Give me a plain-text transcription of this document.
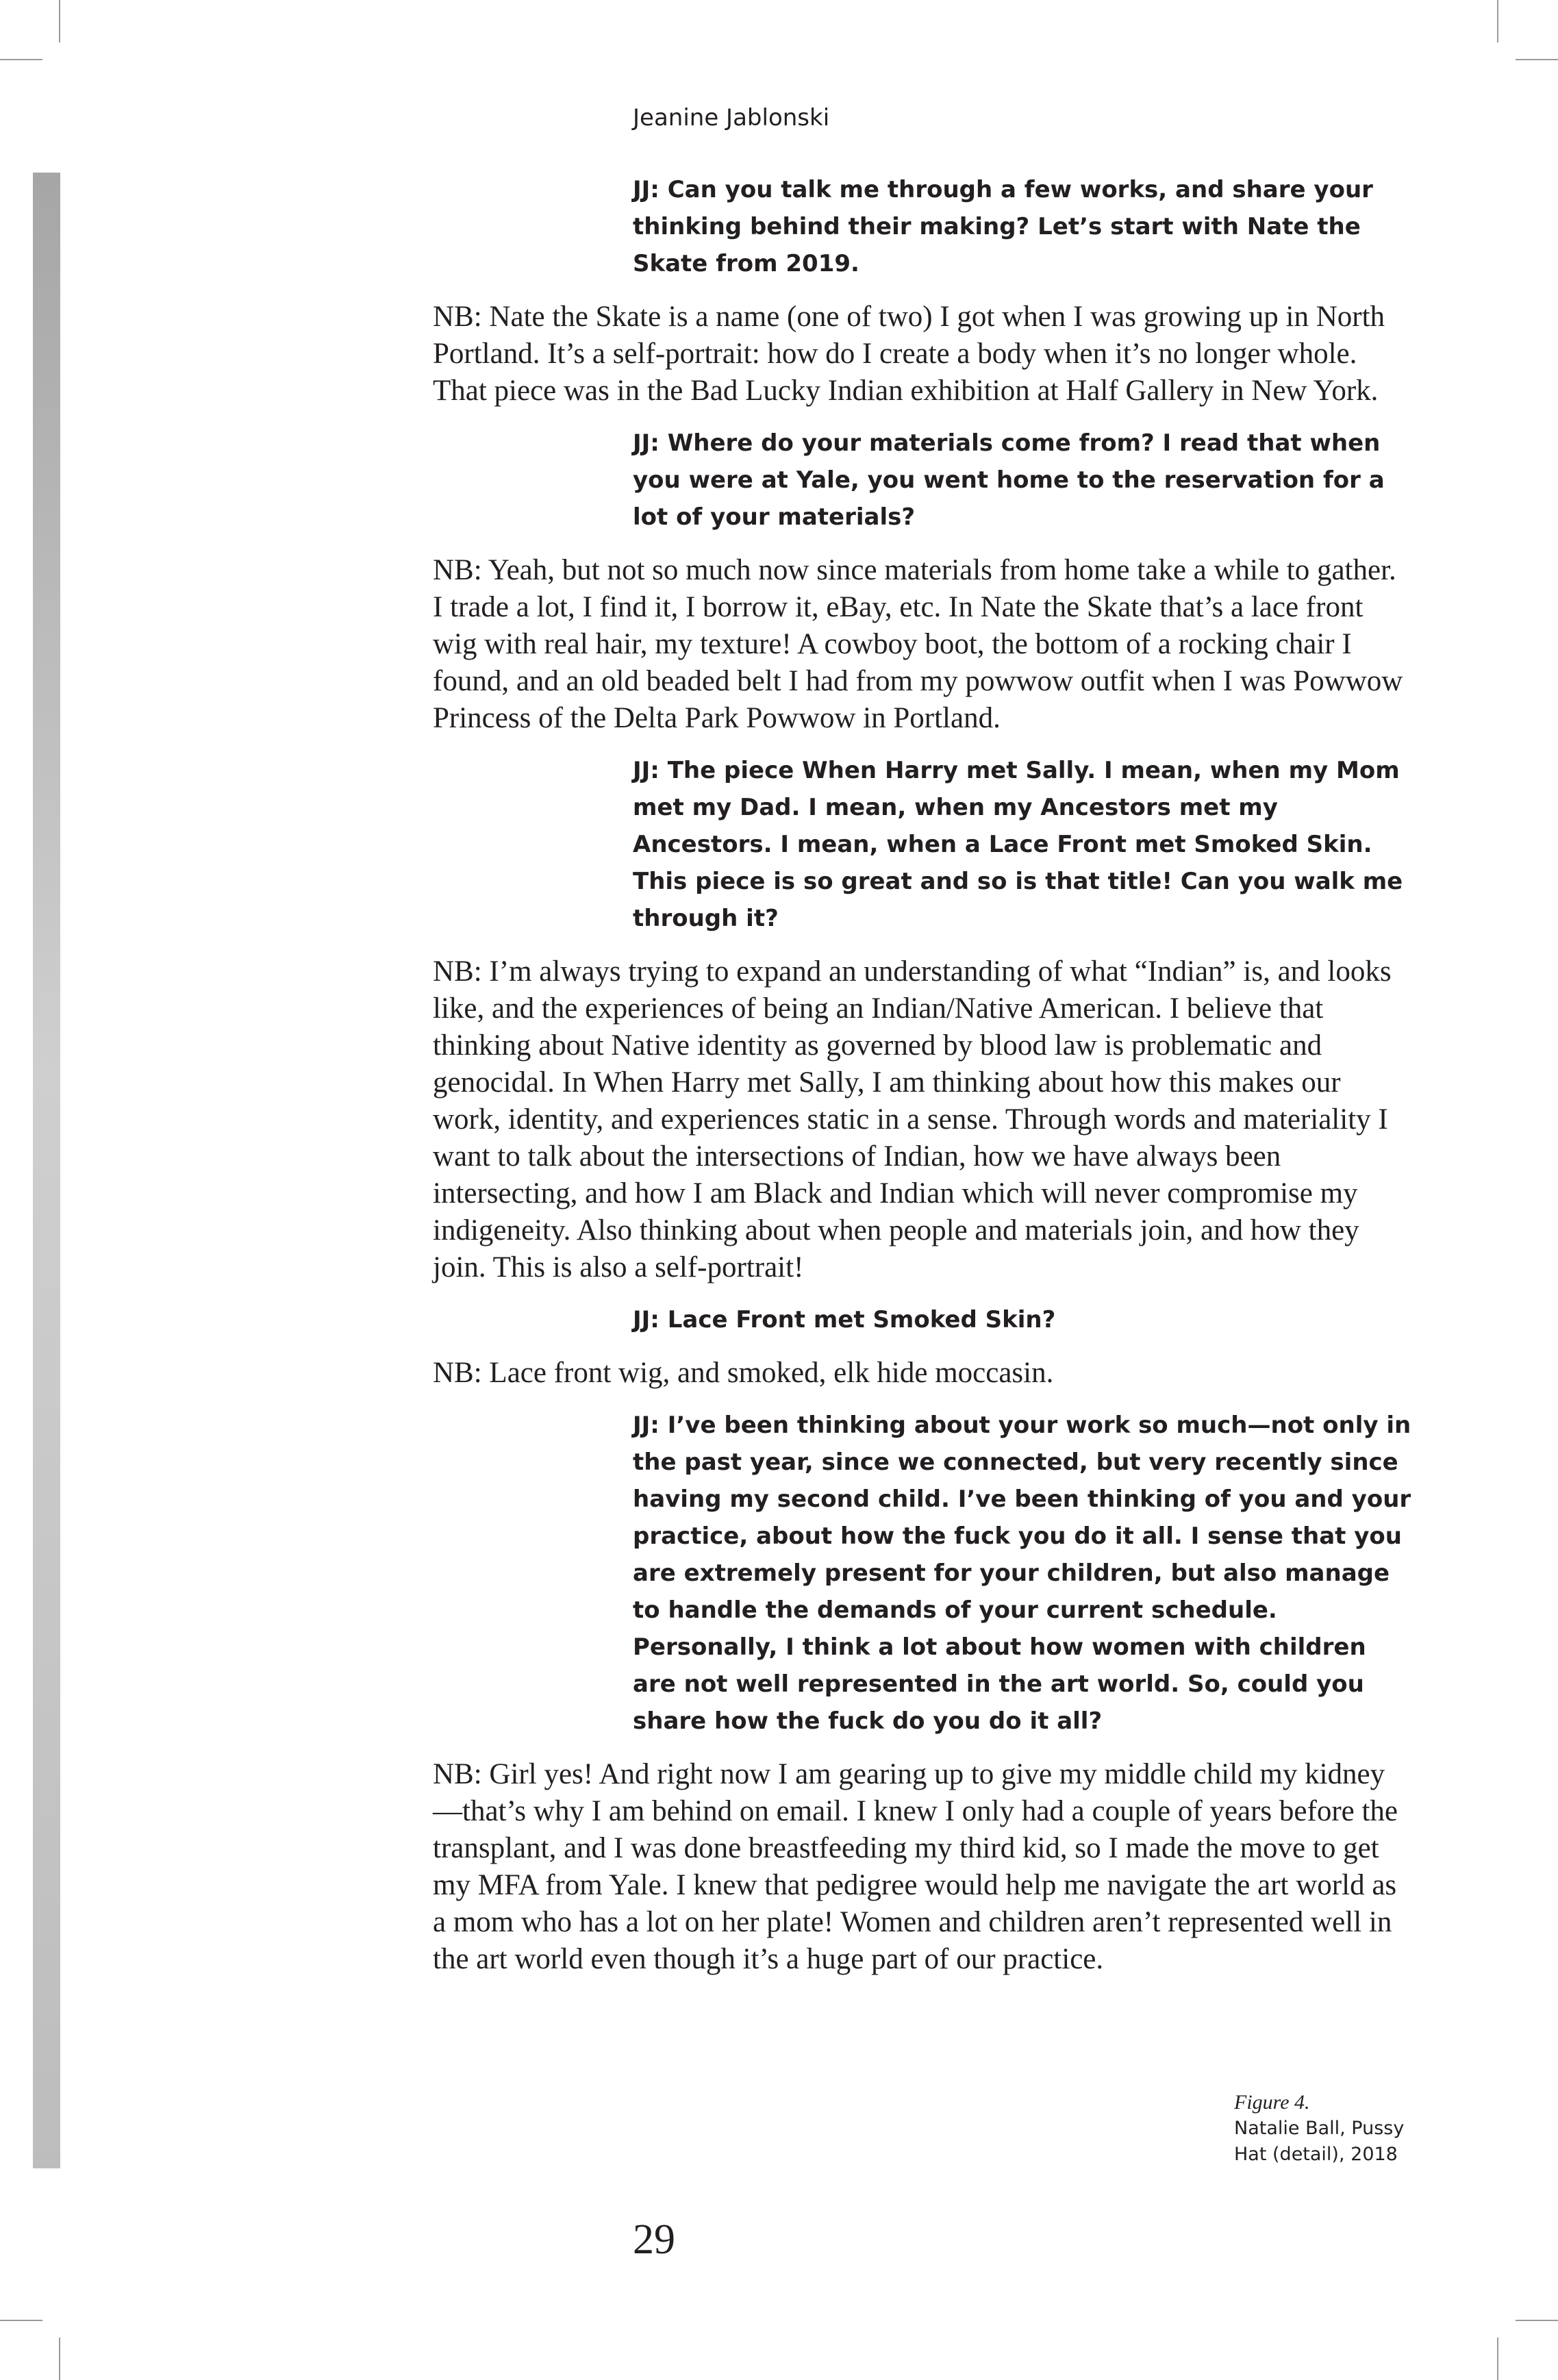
Jeanine Jablonski

JJ: Can you talk me through a few works, and share your thinking behind their making? Let’s start with Nate the Skate from 2019.

NB: Nate the Skate is a name (one of two) I got when I was growing up in North Portland. It’s a self-portrait: how do I create a body when it’s no longer whole. That piece was in the Bad Lucky Indian exhibition at Half Gallery in New York.

JJ: Where do your materials come from? I read that when you were at Yale, you went home to the reservation for a lot of your materials?

NB: Yeah, but not so much now since materials from home take a while to gather. I trade a lot, I find it, I borrow it, eBay, etc. In Nate the Skate that’s a lace front wig with real hair, my texture! A cowboy boot, the bottom of a rocking chair I found, and an old beaded belt I had from my powwow outfit when I was Powwow Princess of the Delta Park Powwow in Portland.

JJ: The piece When Harry met Sally. I mean, when my Mom met my Dad. I mean, when my Ancestors met my Ancestors. I mean, when a Lace Front met Smoked Skin. This piece is so great and so is that title! Can you walk me through it?

NB: I’m always trying to expand an understanding of what “Indian” is, and looks like, and the experiences of being an Indian/Native American. I believe that thinking about Native identity as governed by blood law is problematic and genocidal. In When Harry met Sally, I am thinking about how this makes our work, identity, and experiences static in a sense. Through words and materiality I want to talk about the intersections of Indian, how we have always been intersecting, and how I am Black and Indian which will never compromise my indigeneity. Also thinking about when people and materials join, and how they join. This is also a self-portrait!

JJ: Lace Front met Smoked Skin?

NB: Lace front wig, and smoked, elk hide moccasin.

JJ: I’ve been thinking about your work so much—not only in the past year, since we connected, but very recently since having my second child. I’ve been thinking of you and your practice, about how the fuck you do it all. I sense that you are extremely present for your children, but also manage to handle the demands of your current schedule. Personally, I think a lot about how women with children are not well represented in the art world. So, could you share how the fuck do you do it all?

NB: Girl yes! And right now I am gearing up to give my middle child my kidney—that’s why I am behind on email. I knew I only had a couple of years before the transplant, and I was done breastfeeding my third kid, so I made the move to get my MFA from Yale. I knew that pedigree would help me navigate the art world as a mom who has a lot on her plate! Women and children aren’t represented well in the art world even though it’s a huge part of our practice.

Figure 4.
Natalie Ball, Pussy
Hat (detail), 2018
29
